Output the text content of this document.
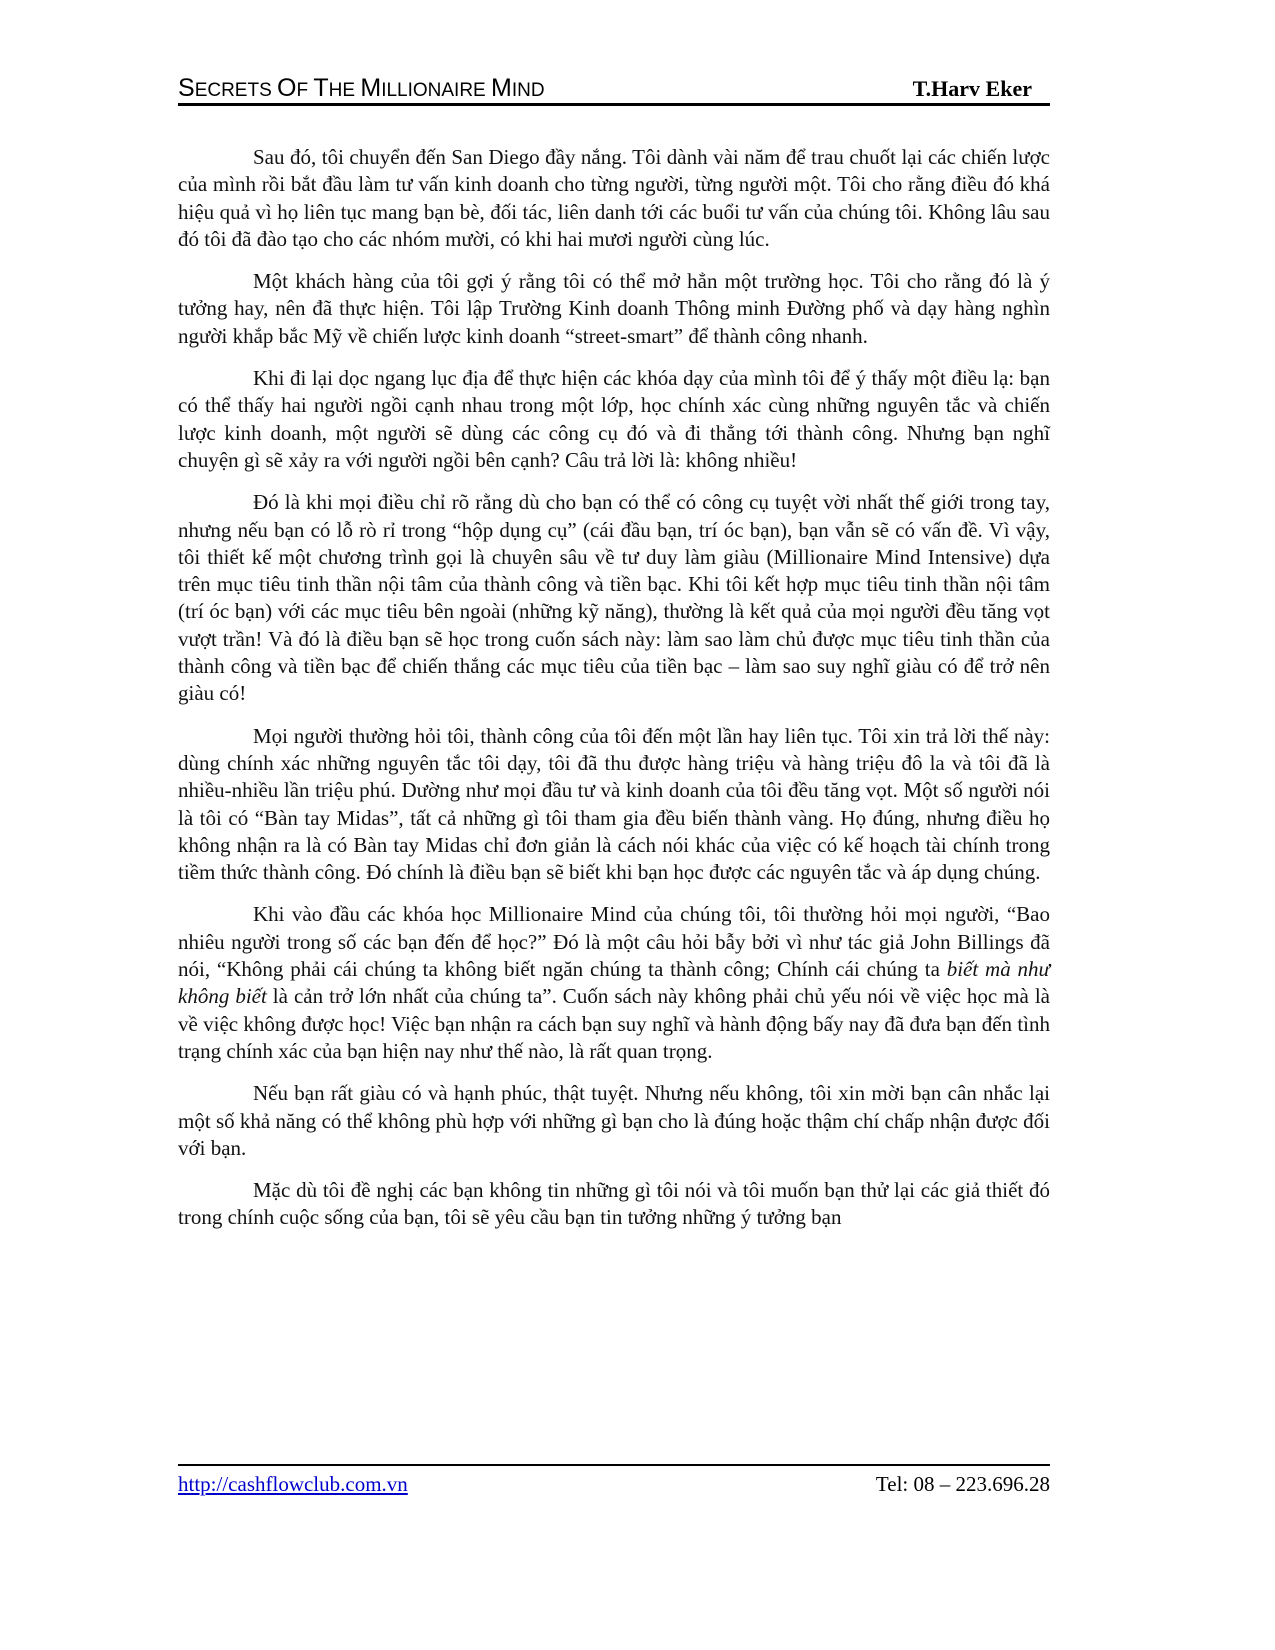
SECRETS OF THE MILLIONAIRE MIND	T.Harv Eker

Sau đó, tôi chuyển đến San Diego đầy nắng. Tôi dành vài năm để trau chuốt lại các chiến lược của mình rồi bắt đầu làm tư vấn kinh doanh cho từng người, từng người một. Tôi cho rằng điều đó khá hiệu quả vì họ liên tục mang bạn bè, đối tác, liên danh tới các buổi tư vấn của chúng tôi. Không lâu sau đó tôi đã đào tạo cho các nhóm mười, có khi hai mươi người cùng lúc.

Một khách hàng của tôi gợi ý rằng tôi có thể mở hẳn một trường học. Tôi cho rằng đó là ý tưởng hay, nên đã thực hiện. Tôi lập Trường Kinh doanh Thông minh Đường phố và dạy hàng nghìn người khắp bắc Mỹ về chiến lược kinh doanh “street-smart” để thành công nhanh.

Khi đi lại dọc ngang lục địa để thực hiện các khóa dạy của mình tôi để ý thấy một điều lạ: bạn có thể thấy hai người ngồi cạnh nhau trong một lớp, học chính xác cùng những nguyên tắc và chiến lược kinh doanh, một người sẽ dùng các công cụ đó và đi thẳng tới thành công. Nhưng bạn nghĩ chuyện gì sẽ xảy ra với người ngồi bên cạnh? Câu trả lời là: không nhiều!

Đó là khi mọi điều chỉ rõ rằng dù cho bạn có thể có công cụ tuyệt vời nhất thế giới trong tay, nhưng nếu bạn có lỗ rò rỉ trong “hộp dụng cụ” (cái đầu bạn, trí óc bạn), bạn vẫn sẽ có vấn đề. Vì vậy, tôi thiết kế một chương trình gọi là chuyên sâu về tư duy làm giàu (Millionaire Mind Intensive) dựa trên mục tiêu tinh thần nội tâm của thành công và tiền bạc. Khi tôi kết hợp mục tiêu tinh thần nội tâm (trí óc bạn) với các mục tiêu bên ngoài (những kỹ năng), thường là kết quả của mọi người đều tăng vọt vượt trần! Và đó là điều bạn sẽ học trong cuốn sách này: làm sao làm chủ được mục tiêu tinh thần của thành công và tiền bạc để chiến thắng các mục tiêu của tiền bạc – làm sao suy nghĩ giàu có để trở nên giàu có!

Mọi người thường hỏi tôi, thành công của tôi đến một lần hay liên tục. Tôi xin trả lời thế này: dùng chính xác những nguyên tắc tôi dạy, tôi đã thu được hàng triệu và hàng triệu đô la và tôi đã là nhiều-nhiều lần triệu phú. Dường như mọi đầu tư và kinh doanh của tôi đều tăng vọt. Một số người nói là tôi có “Bàn tay Midas”, tất cả những gì tôi tham gia đều biến thành vàng. Họ đúng, nhưng điều họ không nhận ra là có Bàn tay Midas chỉ đơn giản là cách nói khác của việc có kế hoạch tài chính trong tiềm thức thành công. Đó chính là điều bạn sẽ biết khi bạn học được các nguyên tắc và áp dụng chúng.

Khi vào đầu các khóa học Millionaire Mind của chúng tôi, tôi thường hỏi mọi người, “Bao nhiêu người trong số các bạn đến để học?” Đó là một câu hỏi bẫy bởi vì như tác giả John Billings đã nói, “Không phải cái chúng ta không biết ngăn chúng ta thành công; Chính cái chúng ta biết mà như không biết là cản trở lớn nhất của chúng ta”. Cuốn sách này không phải chủ yếu nói về việc học mà là về việc không được học! Việc bạn nhận ra cách bạn suy nghĩ và hành động bấy nay đã đưa bạn đến tình trạng chính xác của bạn hiện nay như thế nào, là rất quan trọng.

Nếu bạn rất giàu có và hạnh phúc, thật tuyệt. Nhưng nếu không, tôi xin mời bạn cân nhắc lại một số khả năng có thể không phù hợp với những gì bạn cho là đúng hoặc thậm chí chấp nhận được đối với bạn.

Mặc dù tôi đề nghị các bạn không tin những gì tôi nói và tôi muốn bạn thử lại các giả thiết đó trong chính cuộc sống của bạn, tôi sẽ yêu cầu bạn tin tưởng những ý tưởng bạn

http://cashflowclub.com.vn	Tel: 08 – 223.696.28
